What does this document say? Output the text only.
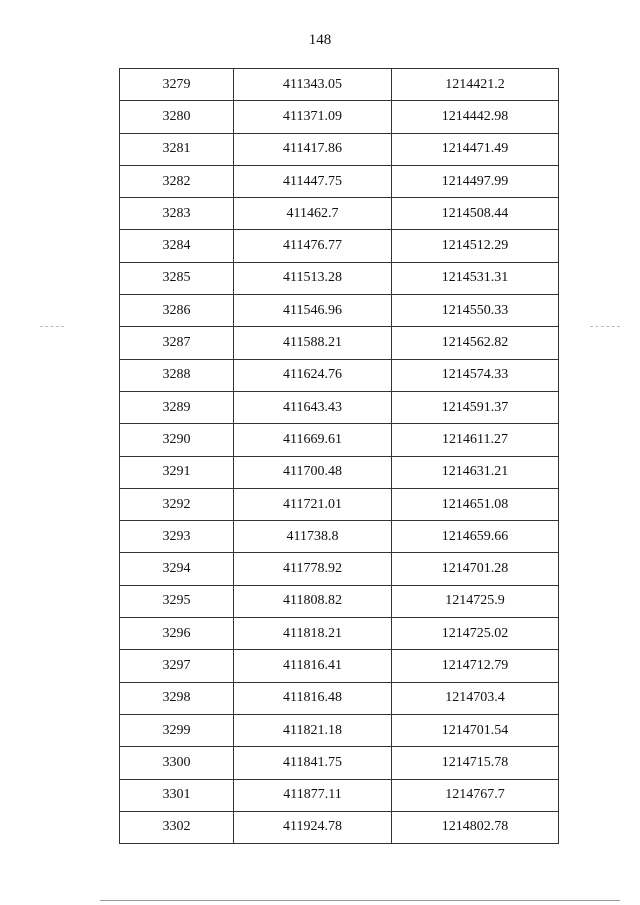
148
3279	411343.05	1214421.2
3280	411371.09	1214442.98
3281	411417.86	1214471.49
3282	411447.75	1214497.99
3283	411462.7	1214508.44
3284	411476.77	1214512.29
3285	411513.28	1214531.31
3286	411546.96	1214550.33
3287	411588.21	1214562.82
3288	411624.76	1214574.33
3289	411643.43	1214591.37
3290	411669.61	1214611.27
3291	411700.48	1214631.21
3292	411721.01	1214651.08
3293	411738.8	1214659.66
3294	411778.92	1214701.28
3295	411808.82	1214725.9
3296	411818.21	1214725.02
3297	411816.41	1214712.79
3298	411816.48	1214703.4
3299	411821.18	1214701.54
3300	411841.75	1214715.78
3301	411877.11	1214767.7
3302	411924.78	1214802.78
